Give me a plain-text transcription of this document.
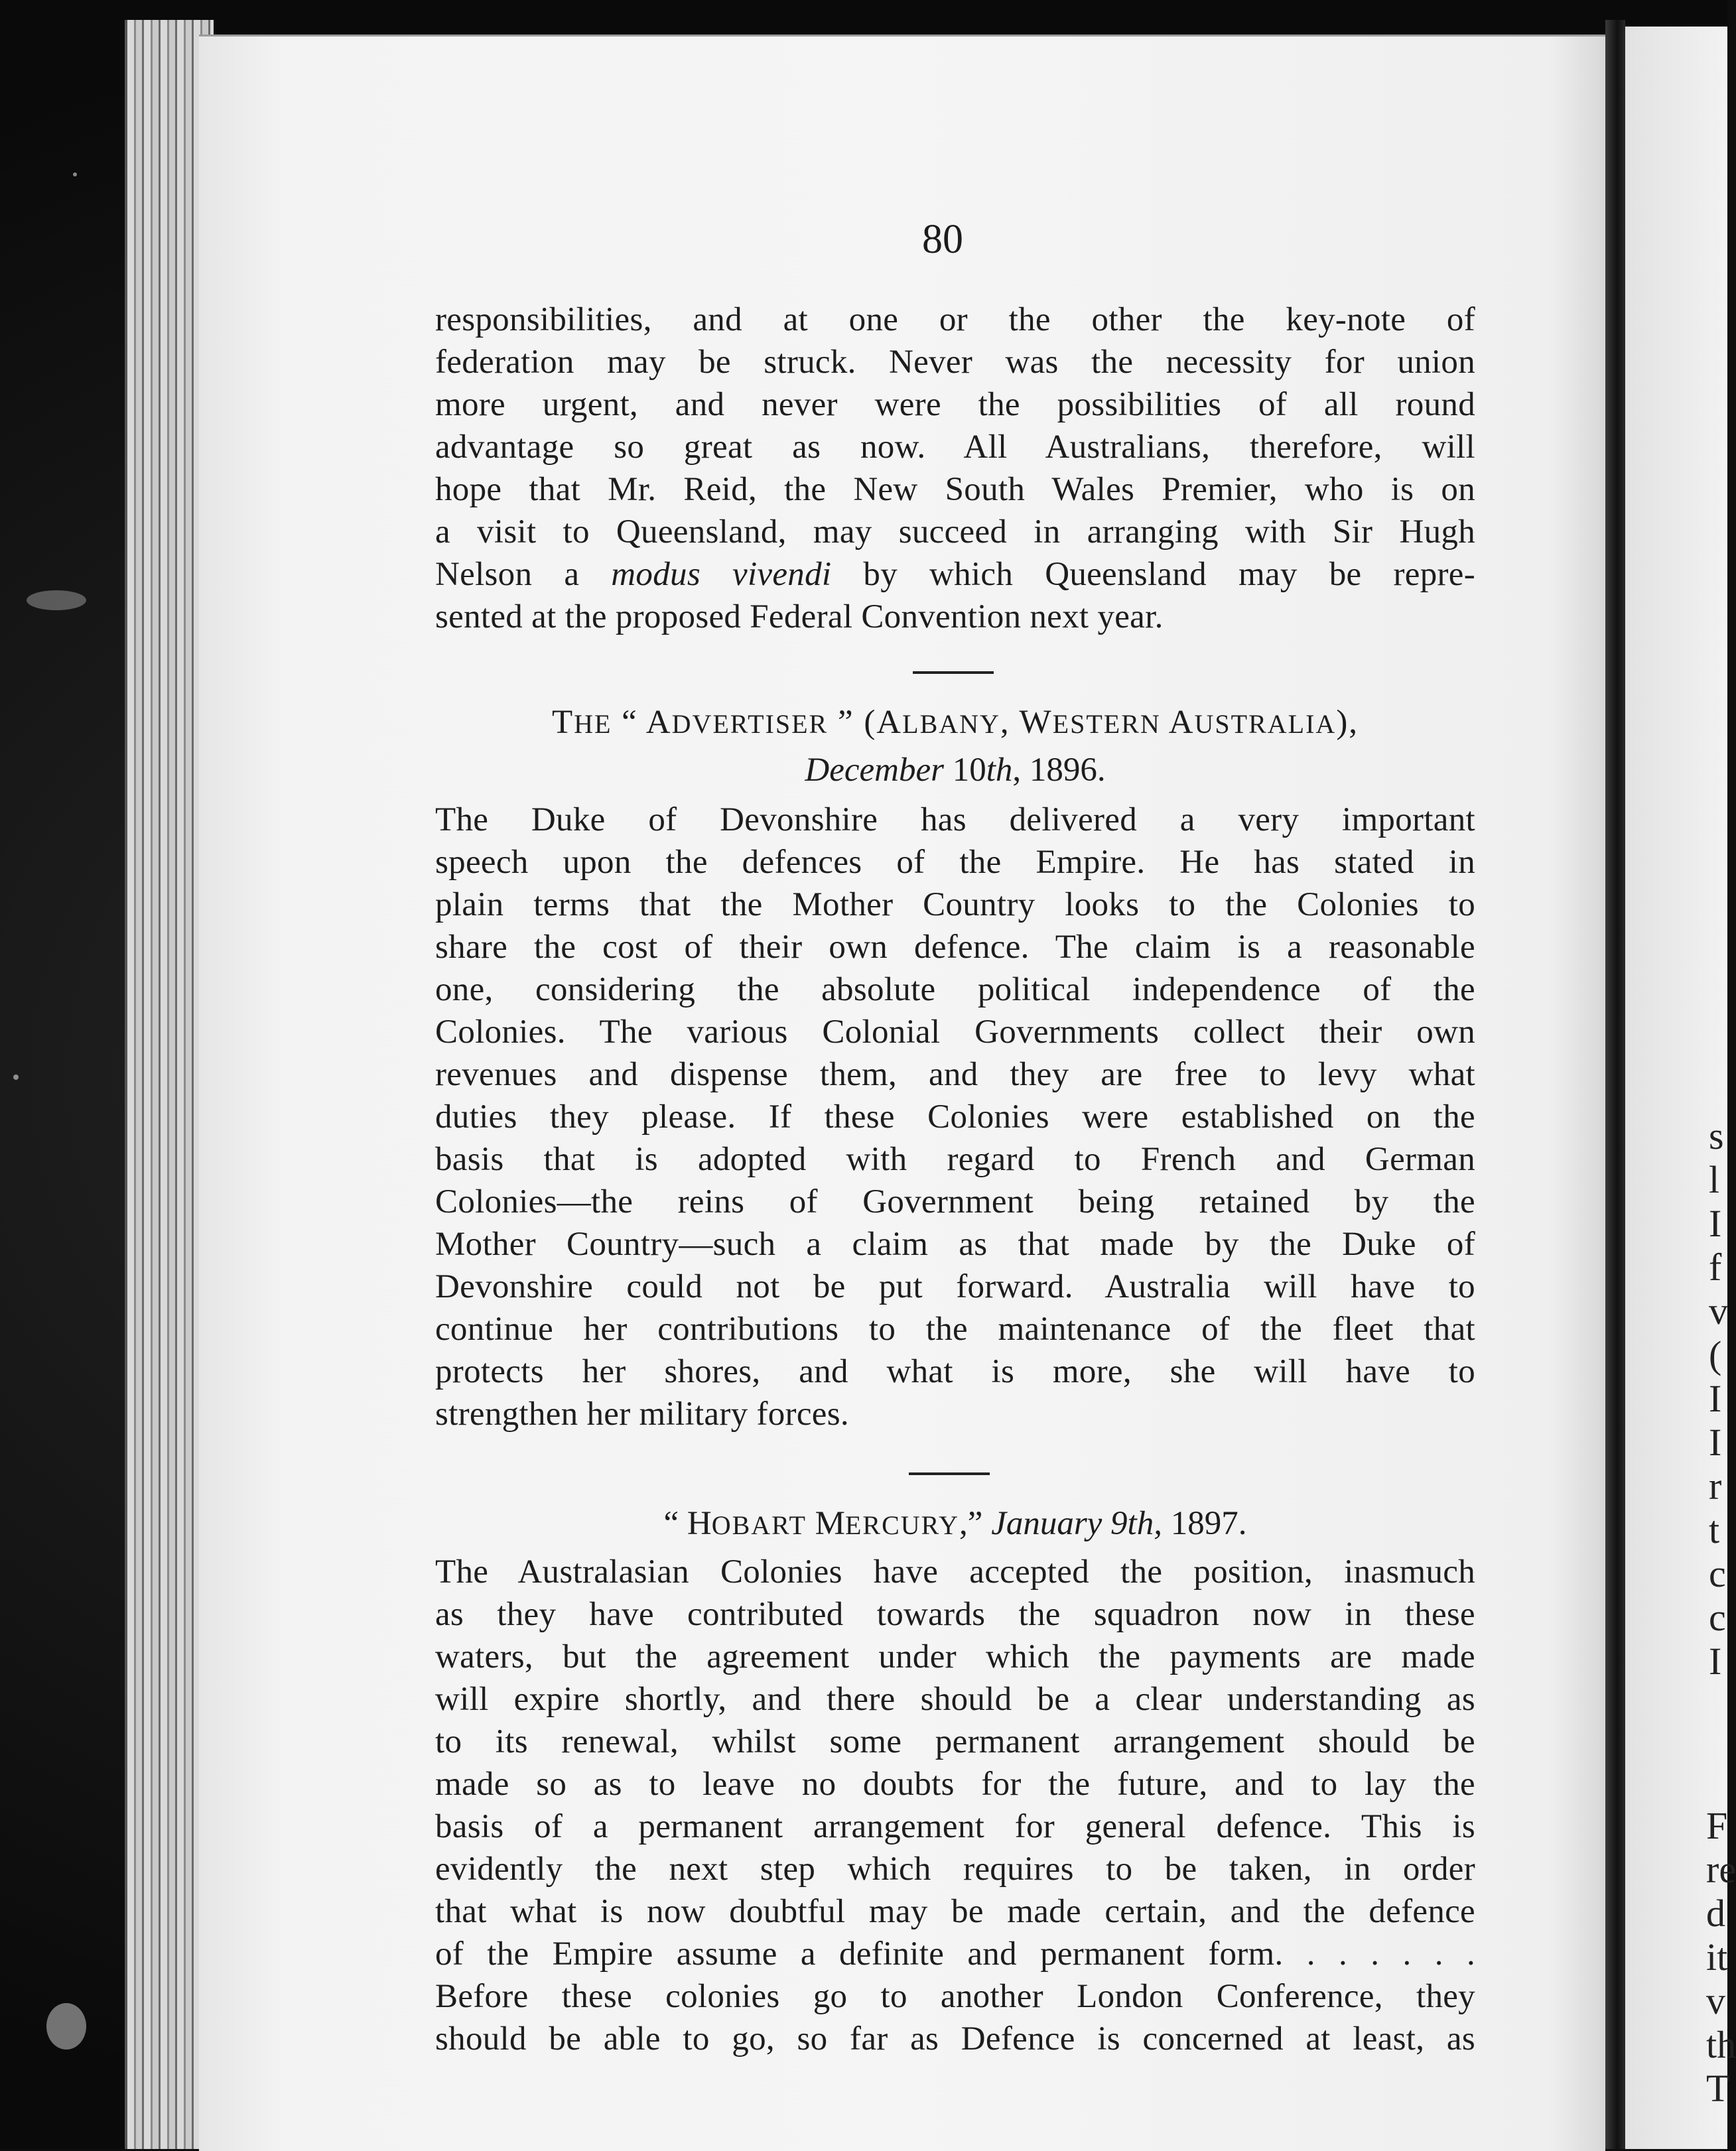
s
l
I
f
v
(
I
I
r
t
c
c
I
F
re
d
it
v
th
T
80
responsibilities, and at one or the other the key-note of
federation may be struck. Never was the necessity for union
more urgent, and never were the possibilities of all round
advantage so great as now. All Australians, therefore, will
hope that Mr. Reid, the New South Wales Premier, who is on
a visit to Queensland, may succeed in arranging with Sir Hugh
Nelson a modus vivendi by which Queensland may be repre-
sented at the proposed Federal Convention next year.
THE “ ADVERTISER ” (ALBANY, WESTERN AUSTRALIA),
December 10th, 1896.
The Duke of Devonshire has delivered a very important
speech upon the defences of the Empire. He has stated in
plain terms that the Mother Country looks to the Colonies to
share the cost of their own defence. The claim is a reasonable
one, considering the absolute political independence of the
Colonies. The various Colonial Governments collect their own
revenues and dispense them, and they are free to levy what
duties they please. If these Colonies were established on the
basis that is adopted with regard to French and German
Colonies—the reins of Government being retained by the
Mother Country—such a claim as that made by the Duke of
Devonshire could not be put forward. Australia will have to
continue her contributions to the maintenance of the fleet that
protects her shores, and what is more, she will have to
strengthen her military forces.
“ HOBART MERCURY,” January 9th, 1897.
The Australasian Colonies have accepted the position, inasmuch
as they have contributed towards the squadron now in these
waters, but the agreement under which the payments are made
will expire shortly, and there should be a clear understanding as
to its renewal, whilst some permanent arrangement should be
made so as to leave no doubts for the future, and to lay the
basis of a permanent arrangement for general defence. This is
evidently the next step which requires to be taken, in order
that what is now doubtful may be made certain, and the defence
of the Empire assume a definite and permanent form. . . . . . .
Before these colonies go to another London Conference, they
should be able to go, so far as Defence is concerned at least, as
